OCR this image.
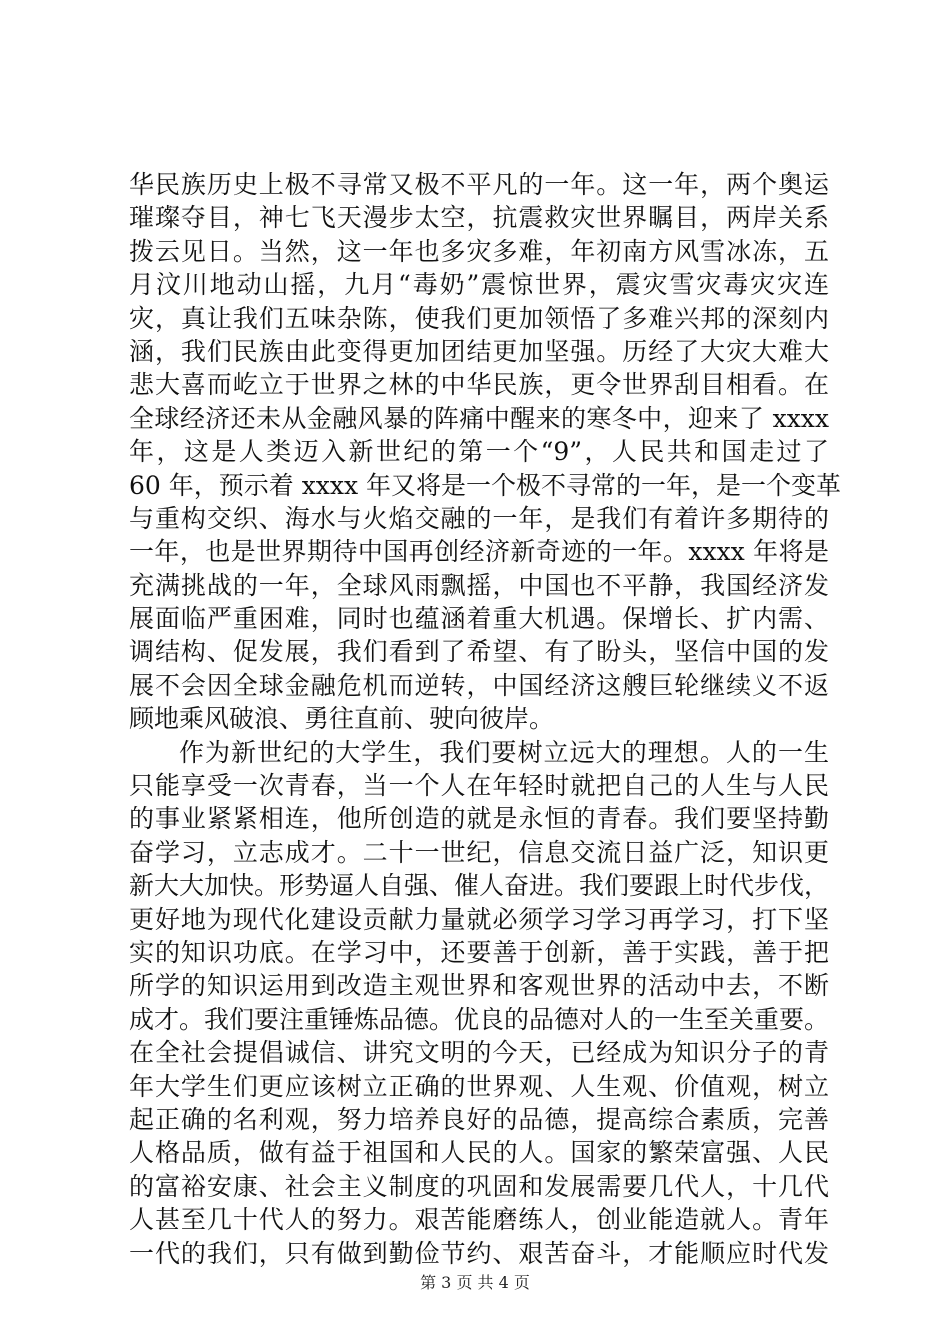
华民族历史上极不寻常又极不平凡的一年。这一年，两个奥运
璀璨夺目，神七飞天漫步太空，抗震救灾世界瞩目，两岸关系
拨云见日。当然，这一年也多灾多难，年初南方风雪冰冻，五
月汶川地动山摇，九月“毒奶”震惊世界，震灾雪灾毒灾灾连
灾，真让我们五味杂陈，使我们更加领悟了多难兴邦的深刻内
涵，我们民族由此变得更加团结更加坚强。历经了大灾大难大
悲大喜而屹立于世界之林的中华民族，更令世界刮目相看。在
全球经济还未从金融风暴的阵痛中醒来的寒冬中，迎来了 xxxx
年，这是人类迈入新世纪的第一个“9”，人民共和国走过了
60 年，预示着 xxxx 年又将是一个极不寻常的一年，是一个变革
与重构交织、海水与火焰交融的一年，是我们有着许多期待的
一年，也是世界期待中国再创经济新奇迹的一年。xxxx 年将是
充满挑战的一年，全球风雨飘摇，中国也不平静，我国经济发
展面临严重困难，同时也蕴涵着重大机遇。保增长、扩内需、
调结构、促发展，我们看到了希望、有了盼头，坚信中国的发
展不会因全球金融危机而逆转，中国经济这艘巨轮继续义不返
顾地乘风破浪、勇往直前、驶向彼岸。
作为新世纪的大学生，我们要树立远大的理想。人的一生
只能享受一次青春，当一个人在年轻时就把自己的人生与人民
的事业紧紧相连，他所创造的就是永恒的青春。我们要坚持勤
奋学习，立志成才。二十一世纪，信息交流日益广泛，知识更
新大大加快。形势逼人自强、催人奋进。我们要跟上时代步伐，
更好地为现代化建设贡献力量就必须学习学习再学习，打下坚
实的知识功底。在学习中，还要善于创新，善于实践，善于把
所学的知识运用到改造主观世界和客观世界的活动中去，不断
成才。我们要注重锤炼品德。优良的品德对人的一生至关重要。
在全社会提倡诚信、讲究文明的今天，已经成为知识分子的青
年大学生们更应该树立正确的世界观、人生观、价值观，树立
起正确的名利观，努力培养良好的品德，提高综合素质，完善
人格品质，做有益于祖国和人民的人。国家的繁荣富强、人民
的富裕安康、社会主义制度的巩固和发展需要几代人，十几代
人甚至几十代人的努力。艰苦能磨练人，创业能造就人。青年
一代的我们，只有做到勤俭节约、艰苦奋斗，才能顺应时代发
第 3 页 共 4 页
